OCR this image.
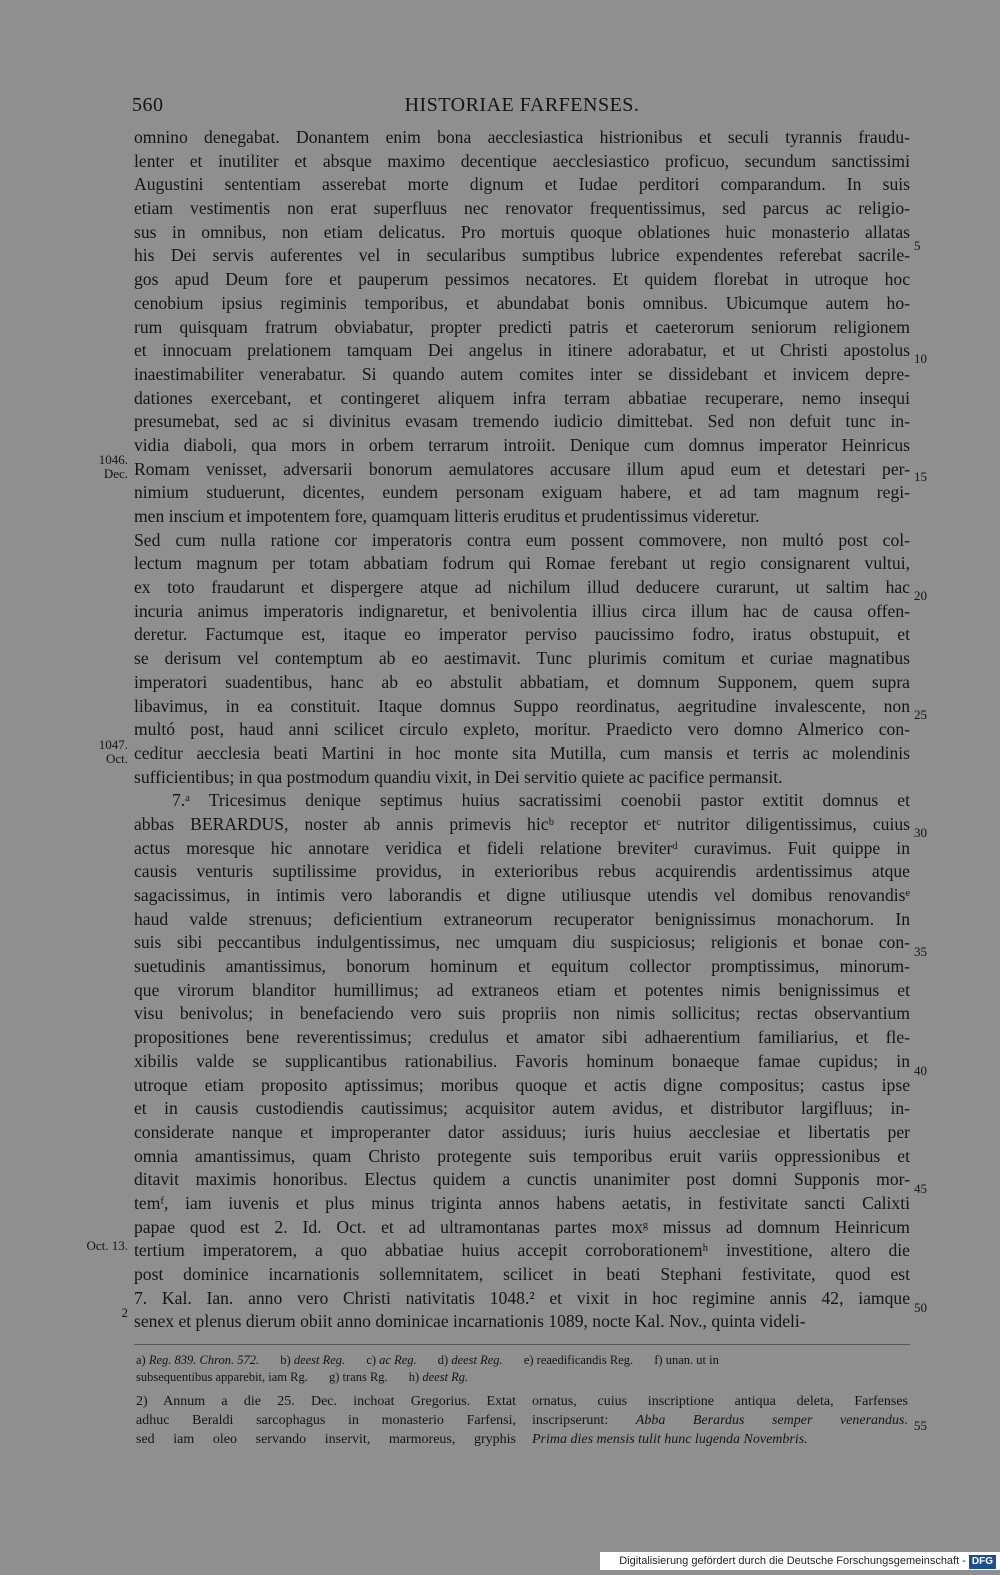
560	HISTORIAE FARFENSES.
omnino denegabat. Donantem enim bona aecclesiastica histrionibus et seculi tyrannis fraudu-
lenter et inutiliter et absque maximo decentique aecclesiastico proficuo, secundum sanctissimi
Augustini sententiam asserebat morte dignum et Iudae perditori comparandum. In suis
etiam vestimentis non erat superfluus nec renovator frequentissimus, sed parcus ac religio-
sus in omnibus, non etiam delicatus. Pro mortuis quoque oblationes huic monasterio allatas
his Dei servis auferentes vel in secularibus sumptibus lubrice expendentes referebat sacrile-
gos apud Deum fore et pauperum pessimos necatores. Et quidem florebat in utroque hoc
cenobium ipsius regiminis temporibus, et abundabat bonis omnibus. Ubicumque autem ho-
rum quisquam fratrum obviabatur, propter predicti patris et caeterorum seniorum religionem
et innocuam prelationem tamquam Dei angelus in itinere adorabatur, et ut Christi apostolus
inaestimabiliter venerabatur. Si quando autem comites inter se dissidebant et invicem depre-
dationes exercebant, et contingeret aliquem infra terram abbatiae recuperare, nemo insequi
presumebat, sed ac si divinitus evasam tremendo iudicio dimittebat. Sed non defuit tunc in-
vidia diaboli, qua mors in orbem terrarum introiit. Denique cum domnus imperator Heinricus
Romam venisset, adversarii bonorum aemulatores accusare illum apud eum et detestari per-
nimium studuerunt, dicentes, eundem personam exiguam habere, et ad tam magnum regi-
men inscium et impotentem fore, quamquam litteris eruditus et prudentissimus videretur.
Sed cum nulla ratione cor imperatoris contra eum possent commovere, non multó post col-
lectum magnum per totam abbatiam fodrum qui Romae ferebant ut regio consignarent vultui,
ex toto fraudarunt et dispergere atque ad nichilum illud deducere curarunt, ut saltim hac
incuria animus imperatoris indignaretur, et benivolentia illius circa illum hac de causa offen-
deretur. Factumque est, itaque eo imperator perviso paucissimo fodro, iratus obstupuit, et
se derisum vel contemptum ab eo aestimavit. Tunc plurimis comitum et curiae magnatibus
imperatori suadentibus, hanc ab eo abstulit abbatiam, et domnum Supponem, quem supra
libavimus, in ea constituit. Itaque domnus Suppo reordinatus, aegritudine invalescente, non
multó post, haud anni scilicet circulo expleto, moritur. Praedicto vero domno Almerico con-
ceditur aecclesia beati Martini in hoc monte sita Mutilla, cum mansis et terris ac molendinis
sufficientibus; in qua postmodum quandiu vixit, in Dei servitio quiete ac pacifice permansit.
7.ᵃ Tricesimus denique septimus huius sacratissimi coenobii pastor extitit domnus et
abbas BERARDUS, noster ab annis primevis hicᵇ receptor etᶜ nutritor diligentissimus, cuius
actus moresque hic annotare veridica et fideli relatione breviterᵈ curavimus. Fuit quippe in
causis venturis suptilissime providus, in exterioribus rebus acquirendis ardentissimus atque
sagacissimus, in intimis vero laborandis et digne utiliusque utendis vel domibus renovandisᵉ
haud valde strenuus; deficientium extraneorum recuperator benignissimus monachorum. In
suis sibi peccantibus indulgentissimus, nec umquam diu suspiciosus; religionis et bonae con-
suetudinis amantissimus, bonorum hominum et equitum collector promptissimus, minorum-
que virorum blanditor humillimus; ad extraneos etiam et potentes nimis benignissimus et
visu benivolus; in benefaciendo vero suis propriis non nimis sollicitus; rectas observantium
propositiones bene reverentissimus; credulus et amator sibi adhaerentium familiarius, et fle-
xibilis valde se supplicantibus rationabilius. Favoris hominum bonaeque famae cupidus; in
utroque etiam proposito aptissimus; moribus quoque et actis digne compositus; castus ipse
et in causis custodiendis cautissimus; acquisitor autem avidus, et distributor largifluus; in-
considerate nanque et improperanter dator assiduus; iuris huius aecclesiae et libertatis per
omnia amantissimus, quam Christo protegente suis temporibus eruit variis oppressionibus et
ditavit maximis honoribus. Electus quidem a cunctis unanimiter post domni Supponis mor-
temᶠ, iam iuvenis et plus minus triginta annos habens aetatis, in festivitate sancti Calixti
papae quod est 2. Id. Oct. et ad ultramontanas partes moxᵍ missus ad domnum Heinricum
tertium imperatorem, a quo abbatiae huius accepit corroborationemʰ investitione, altero die
post dominice incarnationis sollemnitatem, scilicet in beati Stephani festivitate, quod est
7. Kal. Ian. anno vero Christi nativitatis 1048.² et vixit in hoc regimine annis 42, iamque
senex et plenus dierum obiit anno dominicae incarnationis 1089, nocte Kal. Nov., quinta videli-
5
10
15
20
25
30
35
40
45
50
55
1046.
Dec.
1047.
Oct.
Oct. 13.
2
a) Reg. 839. Chron. 572. b) deest Reg. c) ac Reg. d) deest Reg. e) reaedificandis Reg. f) unan. ut in
subsequentibus apparebit, iam Rg. g) trans Rg. h) deest Rg.
2) Annum a die 25. Dec. inchoat Gregorius. Extat
adhuc Beraldi sarcophagus in monasterio Farfensi,
sed iam oleo servando inservit, marmoreus, gryphis
ornatus, cuius inscriptione antiqua deleta, Farfenses
inscripserunt: Abba Berardus semper venerandus.
Prima dies mensis tulit hunc lugenda Novembris.
Digitalisierung gefördert durch die Deutsche Forschungsgemeinschaft - DFG
